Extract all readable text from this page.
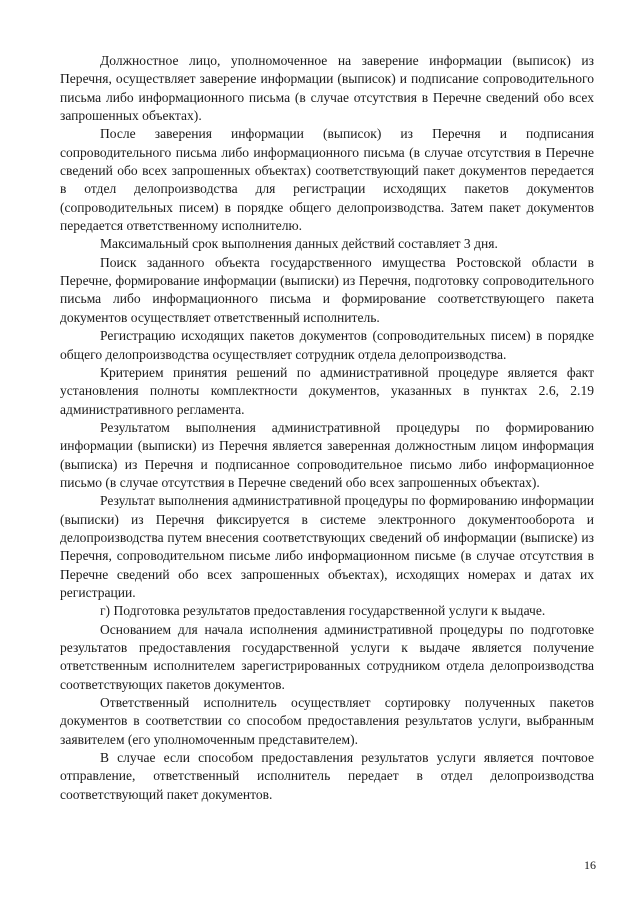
Должностное лицо, уполномоченное на заверение информации (выписок) из Перечня, осуществляет заверение информации (выписок) и подписание сопроводительного письма либо информационного письма (в случае отсутствия в Перечне сведений обо всех запрошенных объектах).

После заверения информации (выписок) из Перечня и подписания сопроводительного письма либо информационного письма (в случае отсутствия в Перечне сведений обо всех запрошенных объектах) соответствующий пакет документов передается в отдел делопроизводства для регистрации исходящих пакетов документов (сопроводительных писем) в порядке общего делопроизводства. Затем пакет документов передается ответственному исполнителю.

Максимальный срок выполнения данных действий составляет 3 дня.

Поиск заданного объекта государственного имущества Ростовской области в Перечне, формирование информации (выписки) из Перечня, подготовку сопроводительного письма либо информационного письма и формирование соответствующего пакета документов осуществляет ответственный исполнитель.

Регистрацию исходящих пакетов документов (сопроводительных писем) в порядке общего делопроизводства осуществляет сотрудник отдела делопроизводства.

Критерием принятия решений по административной процедуре является факт установления полноты комплектности документов, указанных в пунктах 2.6, 2.19 административного регламента.

Результатом выполнения административной процедуры по формированию информации (выписки) из Перечня является заверенная должностным лицом информация (выписка) из Перечня и подписанное сопроводительное письмо либо информационное письмо (в случае отсутствия в Перечне сведений обо всех запрошенных объектах).

Результат выполнения административной процедуры по формированию информации (выписки) из Перечня фиксируется в системе электронного документооборота и делопроизводства путем внесения соответствующих сведений об информации (выписке) из Перечня, сопроводительном письме либо информационном письме (в случае отсутствия в Перечне сведений обо всех запрошенных объектах), исходящих номерах и датах их регистрации.

г) Подготовка результатов предоставления государственной услуги к выдаче.

Основанием для начала исполнения административной процедуры по подготовке результатов предоставления государственной услуги к выдаче является получение ответственным исполнителем зарегистрированных сотрудником отдела делопроизводства соответствующих пакетов документов.

Ответственный исполнитель осуществляет сортировку полученных пакетов документов в соответствии со способом предоставления результатов услуги, выбранным заявителем (его уполномоченным представителем).

В случае если способом предоставления результатов услуги является почтовое отправление, ответственный исполнитель передает в отдел делопроизводства соответствующий пакет документов.

16
